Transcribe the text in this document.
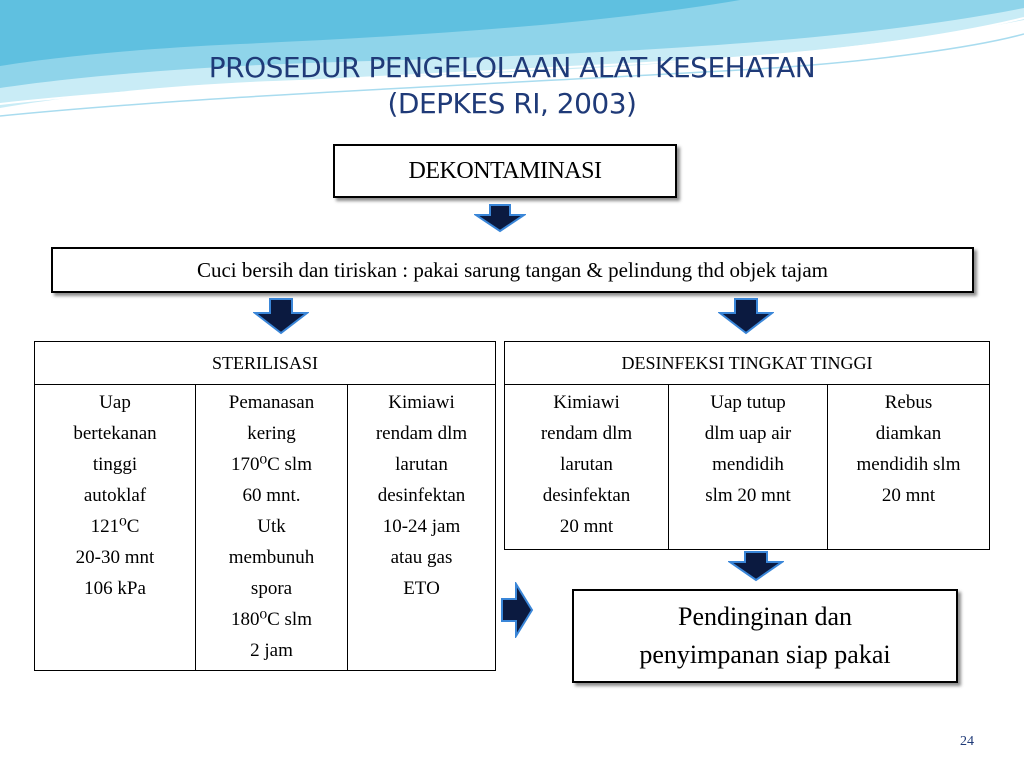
PROSEDUR PENGELOLAAN ALAT KESEHATAN
(DEPKES RI, 2003)
DEKONTAMINASI
Cuci bersih dan tiriskan : pakai sarung tangan & pelindung thd objek tajam
STERILISASI

Uap
bertekanan
tinggi
autoklaf
121⁰C
20-30 mnt
106 kPa

Pemanasan
kering
170⁰C slm
60 mnt.
Utk
membunuh
spora
180⁰C slm
2 jam

Kimiawi
rendam dlm
larutan
desinfektan
10-24 jam
atau gas
ETO
DESINFEKSI TINGKAT TINGGI

Kimiawi
rendam dlm
larutan
desinfektan
20 mnt

Uap tutup
dlm uap air
mendidih
slm 20 mnt

Rebus
diamkan
mendidih slm
20 mnt
Pendinginan dan
penyimpanan siap pakai
24
